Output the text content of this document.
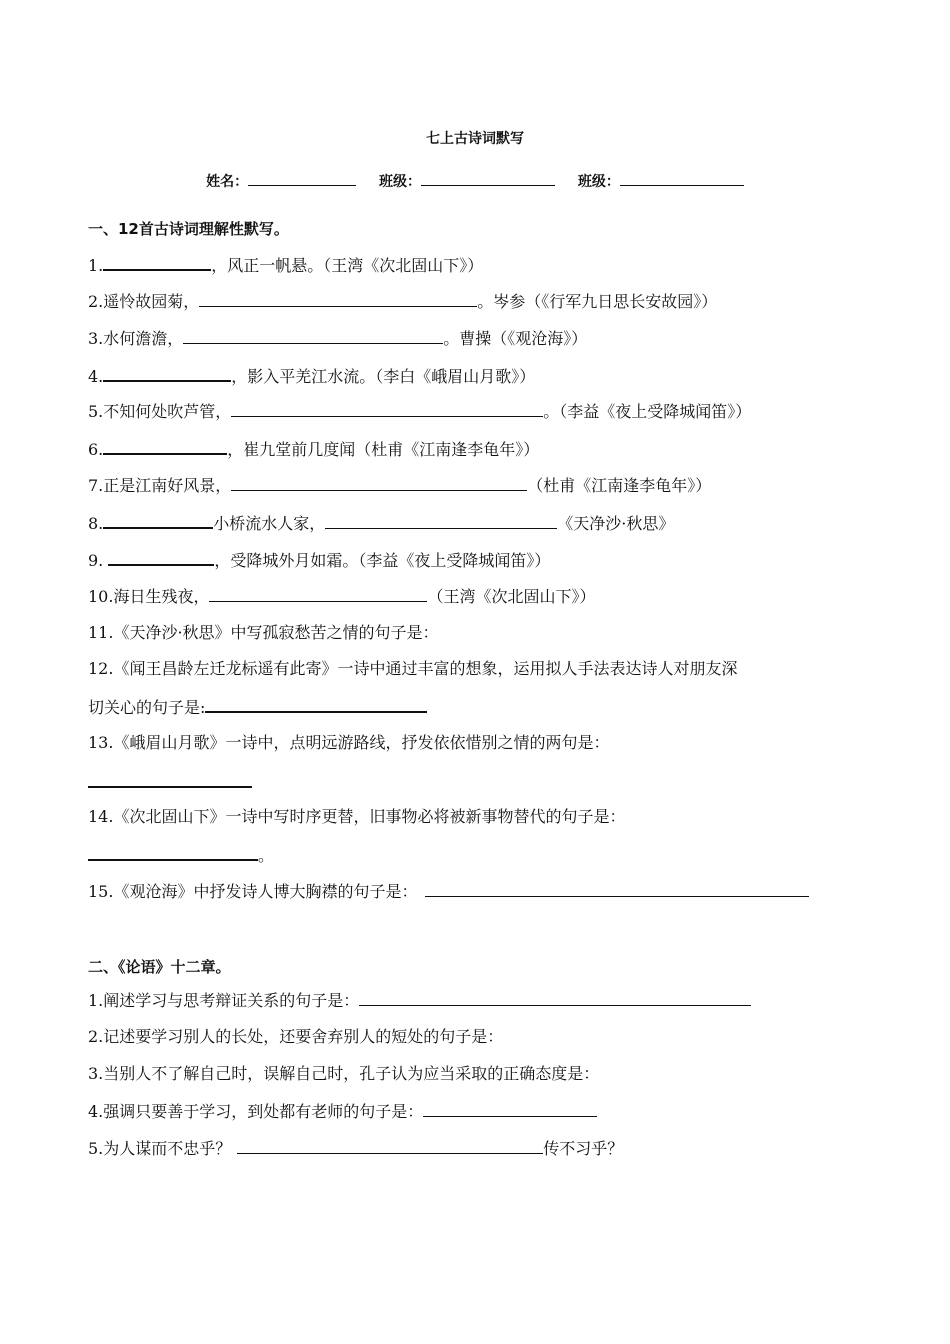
七上古诗词默写
姓名：	班级：	班级：
一、12首古诗词理解性默写。
1.	，风正一帆悬。（王湾《次北固山下》）
2.遥怜故园菊，	。岑参（《行军九日思长安故园》）
3.水何澹澹，	。曹操（《观沧海》）
4.	，影入平羌江水流。（李白《峨眉山月歌》）
5.不知何处吹芦管，	。（李益《夜上受降城闻笛》）
6.	，崔九堂前几度闻（杜甫《江南逢李龟年》）
7.正是江南好风景，	（杜甫《江南逢李龟年》）
8.	小桥流水人家，	《天净沙·秋思》
9.	，受降城外月如霜。（李益《夜上受降城闻笛》）
10.海日生残夜，	（王湾《次北固山下》）
11.《天净沙·秋思》中写孤寂愁苦之情的句子是：
12.《闻王昌龄左迁龙标遥有此寄》一诗中通过丰富的想象，运用拟人手法表达诗人对朋友深
切关心的句子是:
13.《峨眉山月歌》一诗中，点明远游路线，抒发依依惜别之情的两句是：
14.《次北固山下》一诗中写时序更替，旧事物必将被新事物替代的句子是：
。
15.《观沧海》中抒发诗人博大胸襟的句子是：
二、《论语》十二章。
1.阐述学习与思考辩证关系的句子是：
2.记述要学习别人的长处，还要舍弃别人的短处的句子是：
3.当别人不了解自己时，误解自己时，孔子认为应当采取的正确态度是：
4.强调只要善于学习，到处都有老师的句子是：
5.为人谋而不忠乎？	传不习乎？
